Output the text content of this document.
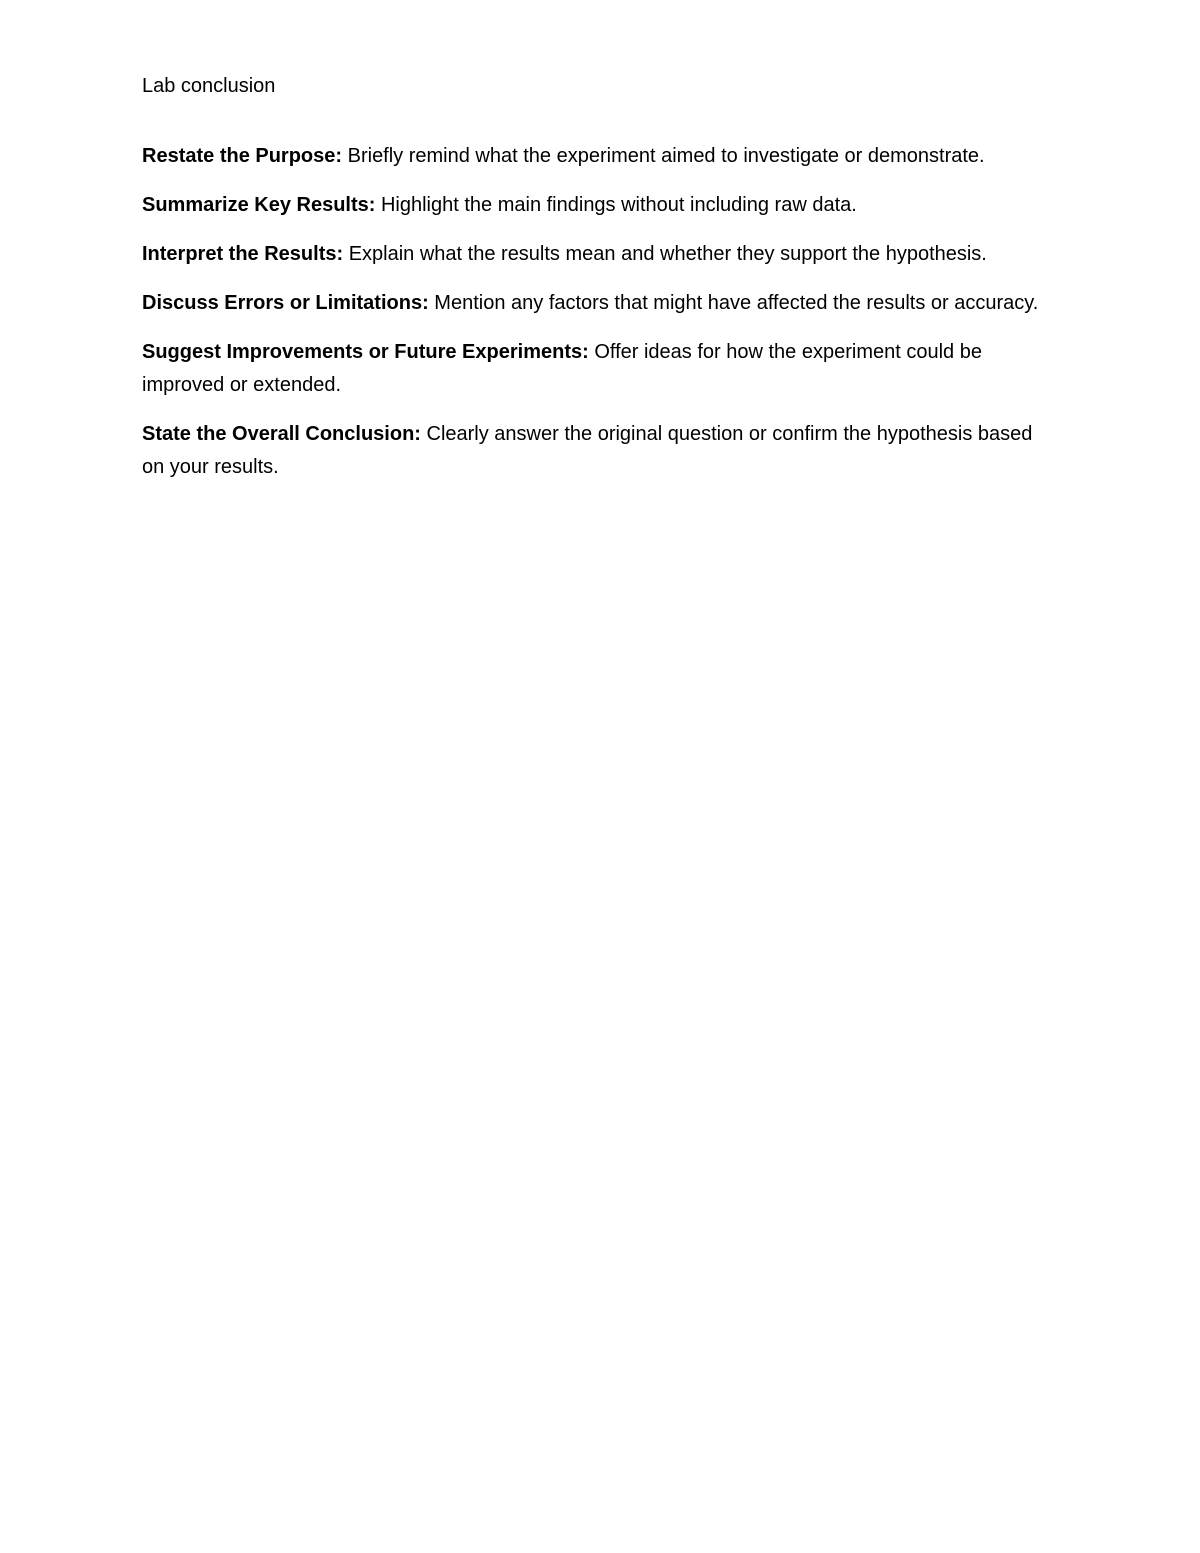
Lab conclusion

Restate the Purpose: Briefly remind what the experiment aimed to investigate or demonstrate.

Summarize Key Results: Highlight the main findings without including raw data.

Interpret the Results: Explain what the results mean and whether they support the hypothesis.

Discuss Errors or Limitations: Mention any factors that might have affected the results or accuracy.

Suggest Improvements or Future Experiments: Offer ideas for how the experiment could be improved or extended.

State the Overall Conclusion: Clearly answer the original question or confirm the hypothesis based on your results.
